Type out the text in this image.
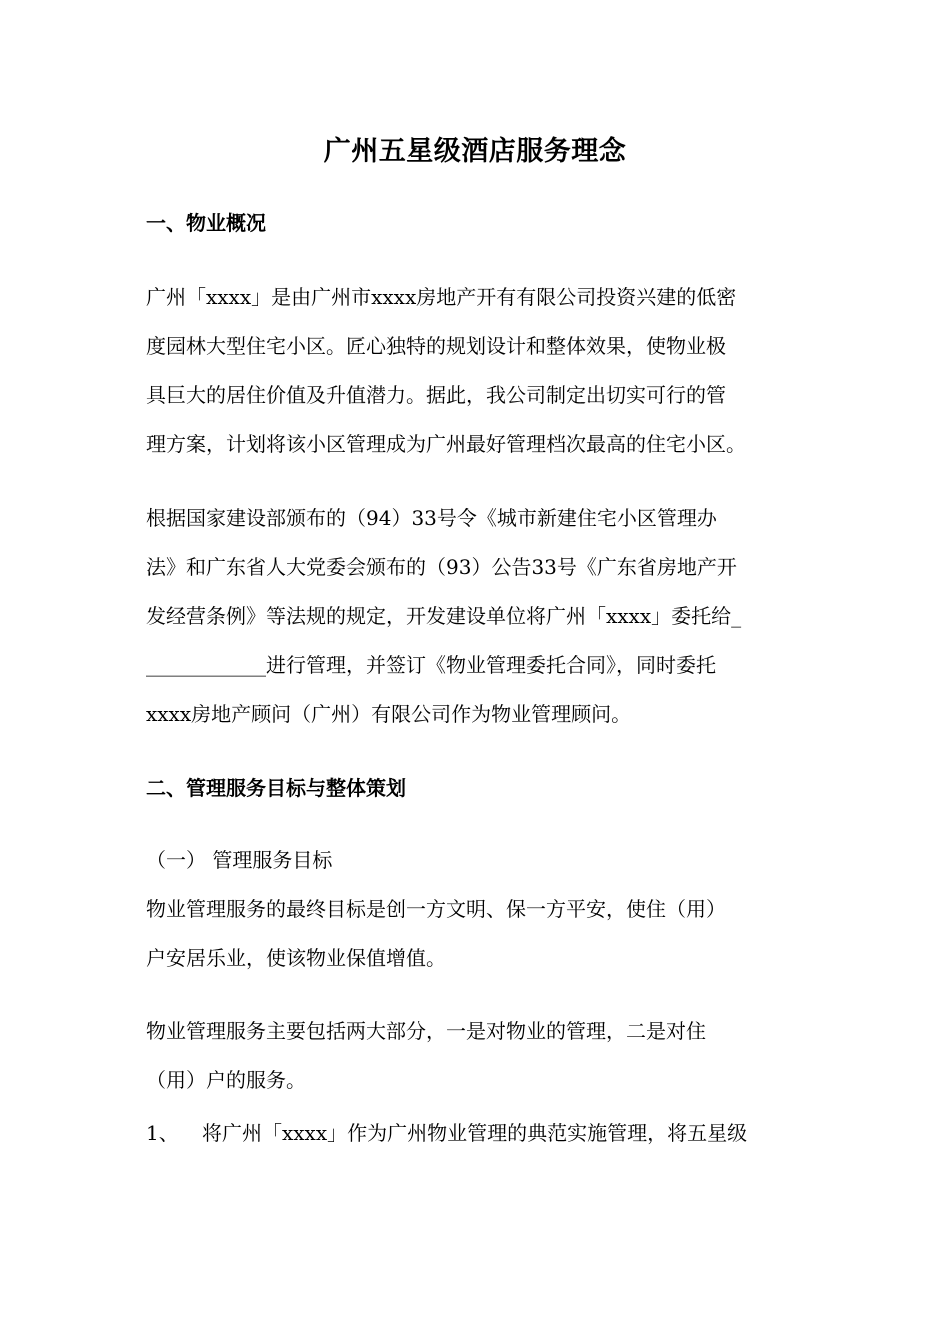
广州五星级酒店服务理念
一、物业概况
广州「xxxx」是由广州市xxxx房地产开有有限公司投资兴建的低密
度园林大型住宅小区。匠心独特的规划设计和整体效果，使物业极
具巨大的居住价值及升值潜力。据此，我公司制定出切实可行的管
理方案，计划将该小区管理成为广州最好管理档次最高的住宅小区。
根据国家建设部颁布的（94）33号令《城市新建住宅小区管理办
法》和广东省人大党委会颁布的（93）公告33号《广东省房地产开
发经营条例》等法规的规定，开发建设单位将广州「xxxx」委托给_
____________进行管理，并签订《物业管理委托合同》，同时委托
xxxx房地产顾问（广州）有限公司作为物业管理顾问。
二、管理服务目标与整体策划
（一） 管理服务目标
物业管理服务的最终目标是创一方文明、保一方平安，使住（用）
户安居乐业，使该物业保值增值。
物业管理服务主要包括两大部分，一是对物业的管理，二是对住
（用）户的服务。
1、 将广州「xxxx」作为广州物业管理的典范实施管理，将五星级
